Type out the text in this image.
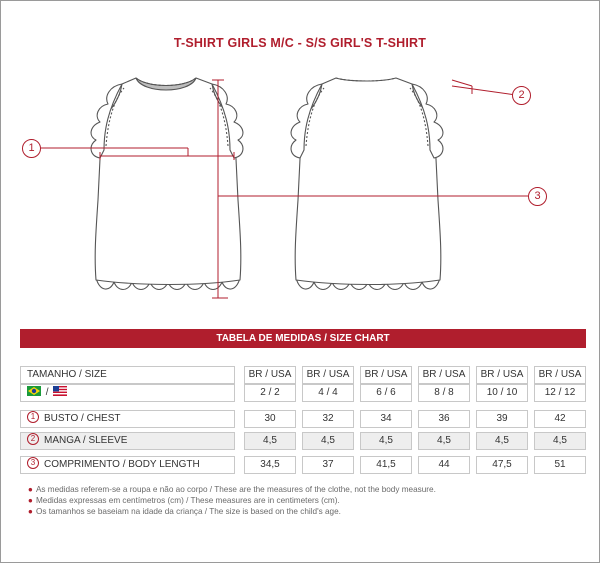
T-SHIRT GIRLS M/C - S/S GIRL'S T-SHIRT
1
2
3
TABELA DE MEDIDAS / SIZE CHART
TAMANHO / SIZE	BR / USA	BR / USA	BR / USA	BR / USA	BR / USA	BR / USA
/	2 / 2	4 / 4	6 / 6	8 / 8	10 / 10	12 / 12
1 BUSTO / CHEST	30	32	34	36	39	42
2 MANGA / SLEEVE	4,5	4,5	4,5	4,5	4,5	4,5
3 COMPRIMENTO / BODY LENGTH	34,5	37	41,5	44	47,5	51
● As medidas referem-se a roupa e não ao corpo / These are the measures of the clothe, not the body measure.
● Medidas expressas em centímetros (cm) / These measures are in centimeters (cm).
● Os tamanhos se baseiam na idade da criança / The size is based on the child's age.
